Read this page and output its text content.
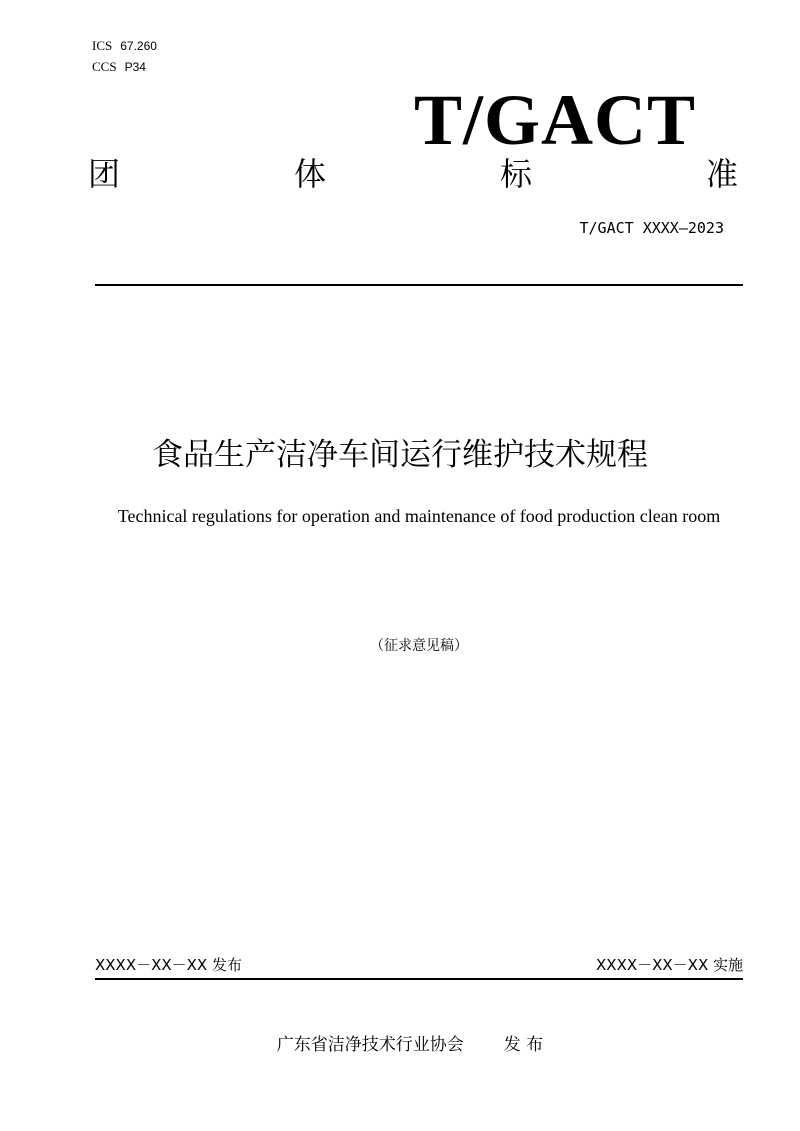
ICS 67.260
CCS P34
T/GACT
团	体	标	准
T/GACT XXXX—2023
食品生产洁净车间运行维护技术规程
Technical regulations for operation and maintenance of food production clean room
（征求意见稿）
XXXX－XX－XX 发布	XXXX－XX－XX 实施
广东省洁净技术行业协会 发 布
